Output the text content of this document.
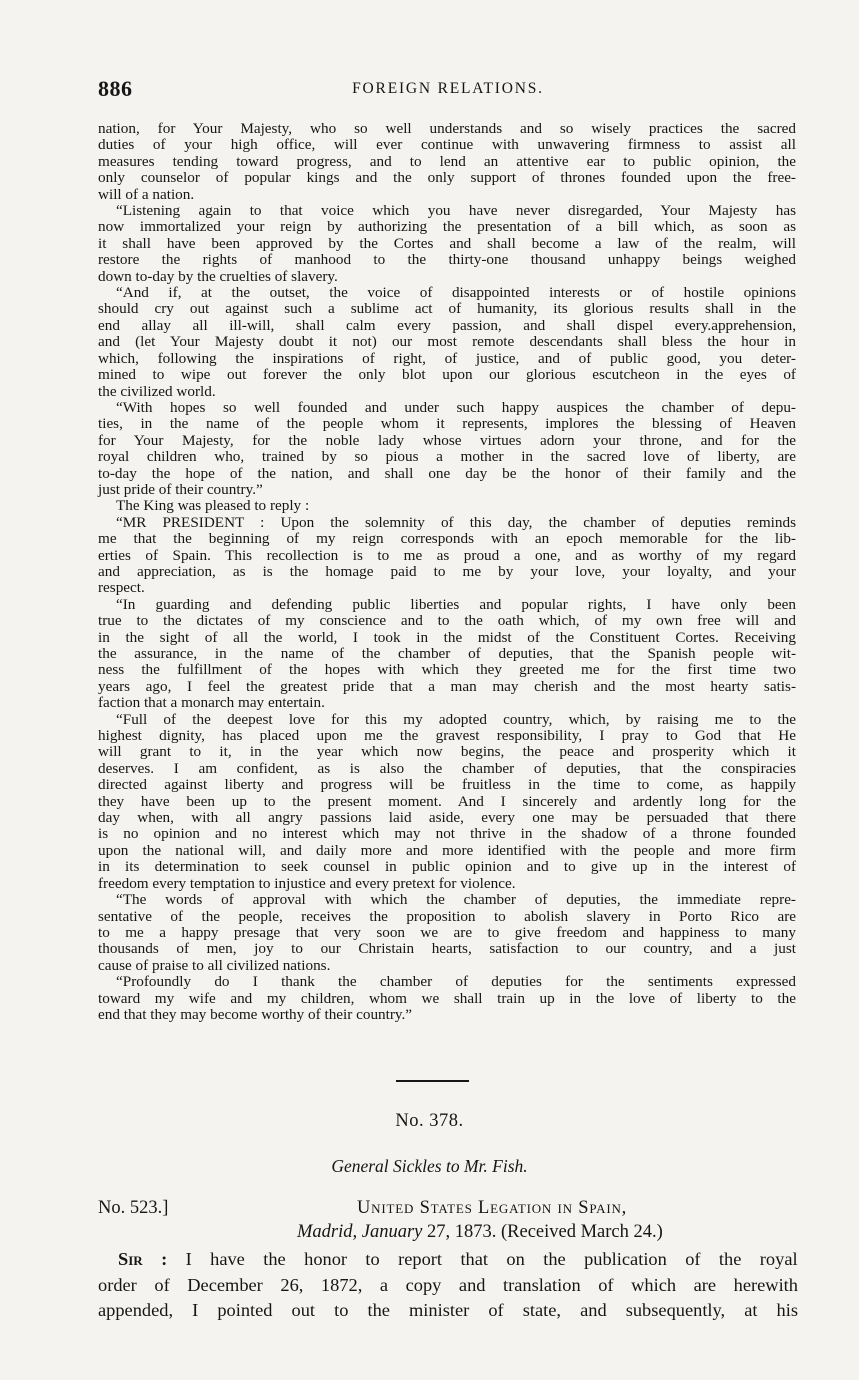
886	FOREIGN RELATIONS.
nation, for Your Majesty, who so well understands and so wisely practices the sacred
duties of your high office, will ever continue with unwavering firmness to assist all
measures tending toward progress, and to lend an attentive ear to public opinion, the
only counselor of popular kings and the only support of thrones founded upon the free-
will of a nation.
“Listening again to that voice which you have never disregarded, Your Majesty has
now immortalized your reign by authorizing the presentation of a bill which, as soon as
it shall have been approved by the Cortes and shall become a law of the realm, will
restore the rights of manhood to the thirty-one thousand unhappy beings weighed
down to-day by the cruelties of slavery.
“And if, at the outset, the voice of disappointed interests or of hostile opinions
should cry out against such a sublime act of humanity, its glorious results shall in the
end allay all ill-will, shall calm every passion, and shall dispel every.apprehension,
and (let Your Majesty doubt it not) our most remote descendants shall bless the hour in
which, following the inspirations of right, of justice, and of public good, you deter-
mined to wipe out forever the only blot upon our glorious escutcheon in the eyes of
the civilized world.
“With hopes so well founded and under such happy auspices the chamber of depu-
ties, in the name of the people whom it represents, implores the blessing of Heaven
for Your Majesty, for the noble lady whose virtues adorn your throne, and for the
royal children who, trained by so pious a mother in the sacred love of liberty, are
to-day the hope of the nation, and shall one day be the honor of their family and the
just pride of their country.”
The King was pleased to reply :
“MR PRESIDENT : Upon the solemnity of this day, the chamber of deputies reminds
me that the beginning of my reign corresponds with an epoch memorable for the lib-
erties of Spain. This recollection is to me as proud a one, and as worthy of my regard
and appreciation, as is the homage paid to me by your love, your loyalty, and your
respect.
“In guarding and defending public liberties and popular rights, I have only been
true to the dictates of my conscience and to the oath which, of my own free will and
in the sight of all the world, I took in the midst of the Constituent Cortes. Receiving
the assurance, in the name of the chamber of deputies, that the Spanish people wit-
ness the fulfillment of the hopes with which they greeted me for the first time two
years ago, I feel the greatest pride that a man may cherish and the most hearty satis-
faction that a monarch may entertain.
“Full of the deepest love for this my adopted country, which, by raising me to the
highest dignity, has placed upon me the gravest responsibility, I pray to God that He
will grant to it, in the year which now begins, the peace and prosperity which it
deserves. I am confident, as is also the chamber of deputies, that the conspiracies
directed against liberty and progress will be fruitless in the time to come, as happily
they have been up to the present moment. And I sincerely and ardently long for the
day when, with all angry passions laid aside, every one may be persuaded that there
is no opinion and no interest which may not thrive in the shadow of a throne founded
upon the national will, and daily more and more identified with the people and more firm
in its determination to seek counsel in public opinion and to give up in the interest of
freedom every temptation to injustice and every pretext for violence.
“The words of approval with which the chamber of deputies, the immediate repre-
sentative of the people, receives the proposition to abolish slavery in Porto Rico are
to me a happy presage that very soon we are to give freedom and happiness to many
thousands of men, joy to our Christain hearts, satisfaction to our country, and a just
cause of praise to all civilized nations.
“Profoundly do I thank the chamber of deputies for the sentiments expressed
toward my wife and my children, whom we shall train up in the love of liberty to the
end that they may become worthy of their country.”
No. 378.
General Sickles to Mr. Fish.
No. 523.]	United States Legation in Spain,
Madrid, January 27, 1873. (Received March 24.)
Sir : I have the honor to report that on the publication of the royal
order of December 26, 1872, a copy and translation of which are herewith
appended, I pointed out to the minister of state, and subsequently, at his
